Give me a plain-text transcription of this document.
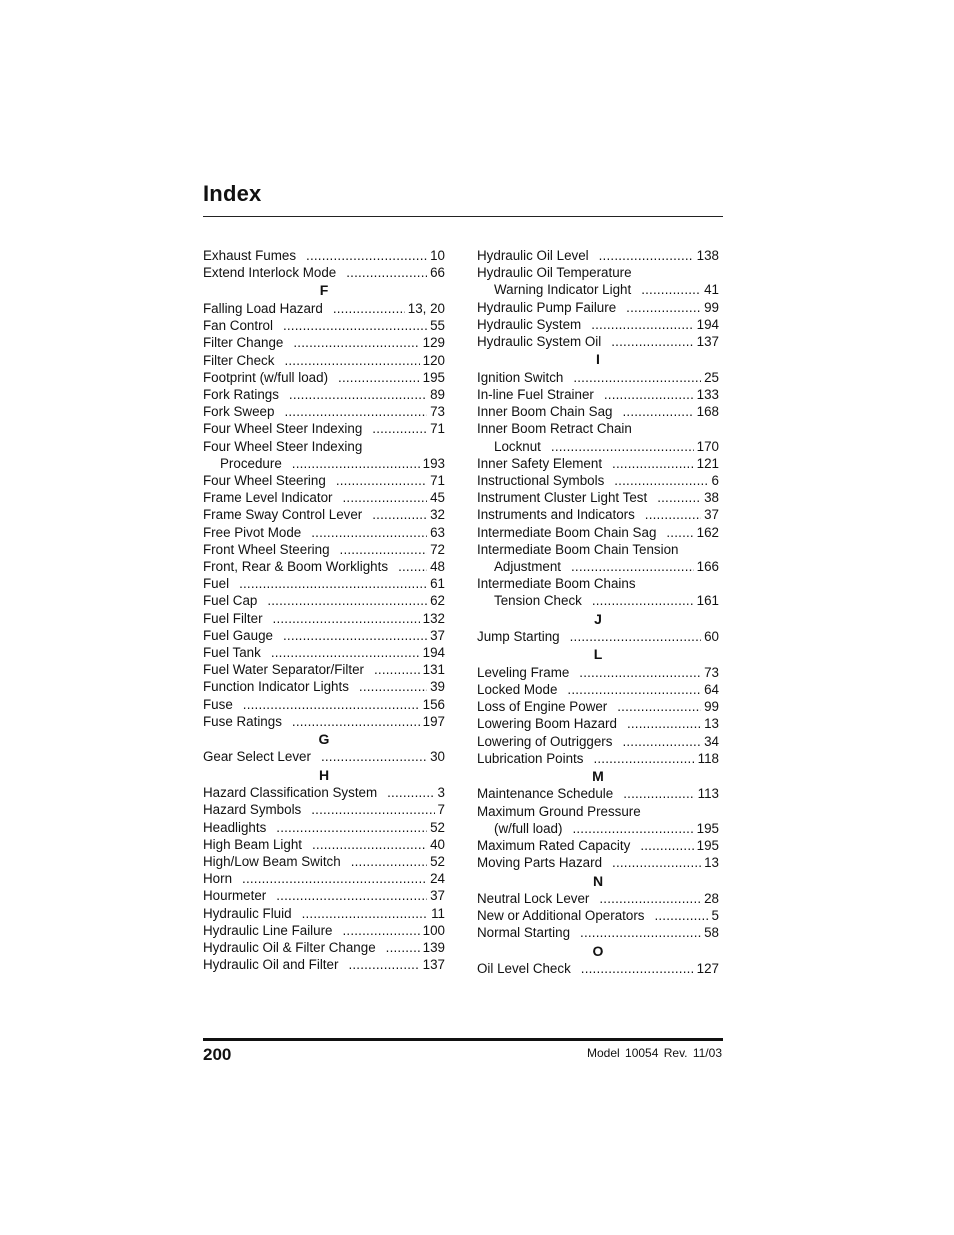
Index
Exhaust Fumes .....	10
Extend Interlock Mode .....	66
F
Falling Load Hazard .....	13, 20
Fan Control .....	55
Filter Change .....	129
Filter Check .....	120
Footprint (w/full load) .....	195
Fork Ratings .....	89
Fork Sweep .....	73
Four Wheel Steer Indexing .....	71
Four Wheel Steer Indexing
Procedure .....	193
Four Wheel Steering .....	71
Frame Level Indicator .....	45
Frame Sway Control Lever .....	32
Free Pivot Mode .....	63
Front Wheel Steering .....	72
Front, Rear & Boom Worklights .....	48
Fuel .....	61
Fuel Cap .....	62
Fuel Filter .....	132
Fuel Gauge .....	37
Fuel Tank .....	194
Fuel Water Separator/Filter .....	131
Function Indicator Lights .....	39
Fuse .....	156
Fuse Ratings .....	197
G
Gear Select Lever .....	30
H
Hazard Classification System .....	3
Hazard Symbols .....	7
Headlights .....	52
High Beam Light .....	40
High/Low Beam Switch .....	52
Horn .....	24
Hourmeter .....	37
Hydraulic Fluid .....	11
Hydraulic Line Failure .....	100
Hydraulic Oil & Filter Change .....	139
Hydraulic Oil and Filter .....	137
Hydraulic Oil Level .....	138
Hydraulic Oil Temperature
Warning Indicator Light .....	41
Hydraulic Pump Failure .....	99
Hydraulic System .....	194
Hydraulic System Oil .....	137
I
Ignition Switch .....	25
In-line Fuel Strainer .....	133
Inner Boom Chain Sag .....	168
Inner Boom Retract Chain
Locknut .....	170
Inner Safety Element .....	121
Instructional Symbols .....	6
Instrument Cluster Light Test .....	38
Instruments and Indicators .....	37
Intermediate Boom Chain Sag .....	162
Intermediate Boom Chain Tension
Adjustment .....	166
Intermediate Boom Chains
Tension Check .....	161
J
Jump Starting .....	60
L
Leveling Frame .....	73
Locked Mode .....	64
Loss of Engine Power .....	99
Lowering Boom Hazard .....	13
Lowering of Outriggers .....	34
Lubrication Points .....	118
M
Maintenance Schedule .....	113
Maximum Ground Pressure
(w/full load) .....	195
Maximum Rated Capacity .....	195
Moving Parts Hazard .....	13
N
Neutral Lock Lever .....	28
New or Additional Operators .....	5
Normal Starting .....	58
O
Oil Level Check .....	127
200	Model 10054 Rev. 11/03
